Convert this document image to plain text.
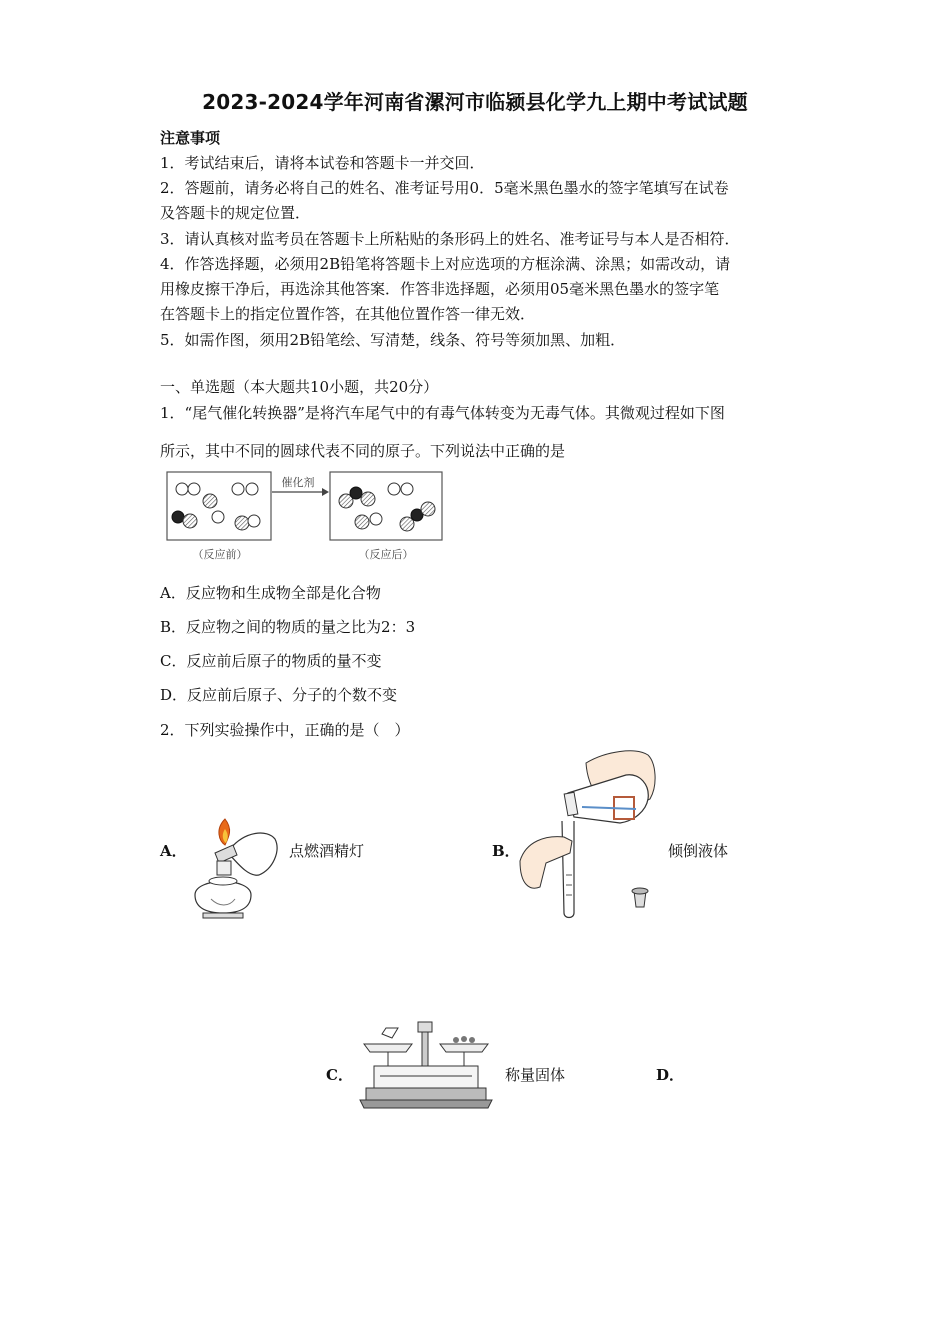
2023-2024学年河南省漯河市临颍县化学九上期中考试试题
注意事项
1．考试结束后，请将本试卷和答题卡一并交回．
2．答题前，请务必将自己的姓名、准考证号用0．5毫米黑色墨水的签字笔填写在试卷
及答题卡的规定位置．
3．请认真核对监考员在答题卡上所粘贴的条形码上的姓名、准考证号与本人是否相符．
4．作答选择题，必须用2B铅笔将答题卡上对应选项的方框涂满、涂黑；如需改动，请
用橡皮擦干净后，再选涂其他答案．作答非选择题，必须用05毫米黑色墨水的签字笔
在答题卡上的指定位置作答，在其他位置作答一律无效．
5．如需作图，须用2B铅笔绘、写清楚，线条、符号等须加黑、加粗．
一、单选题（本大题共10小题，共20分）
1．“尾气催化转换器”是将汽车尾气中的有毒气体转变为无毒气体。其微观过程如下图
所示，其中不同的圆球代表不同的原子。下列说法中正确的是
（反应前）
催化剂
（反应后）
A．反应物和生成物全部是化合物
B．反应物之间的物质的量之比为2：3
C．反应前后原子的物质的量不变
D．反应前后原子、分子的个数不变
2．下列实验操作中，正确的是（　）
A．	点燃酒精灯	B．	倾倒液体
C．	称量固体	D．
